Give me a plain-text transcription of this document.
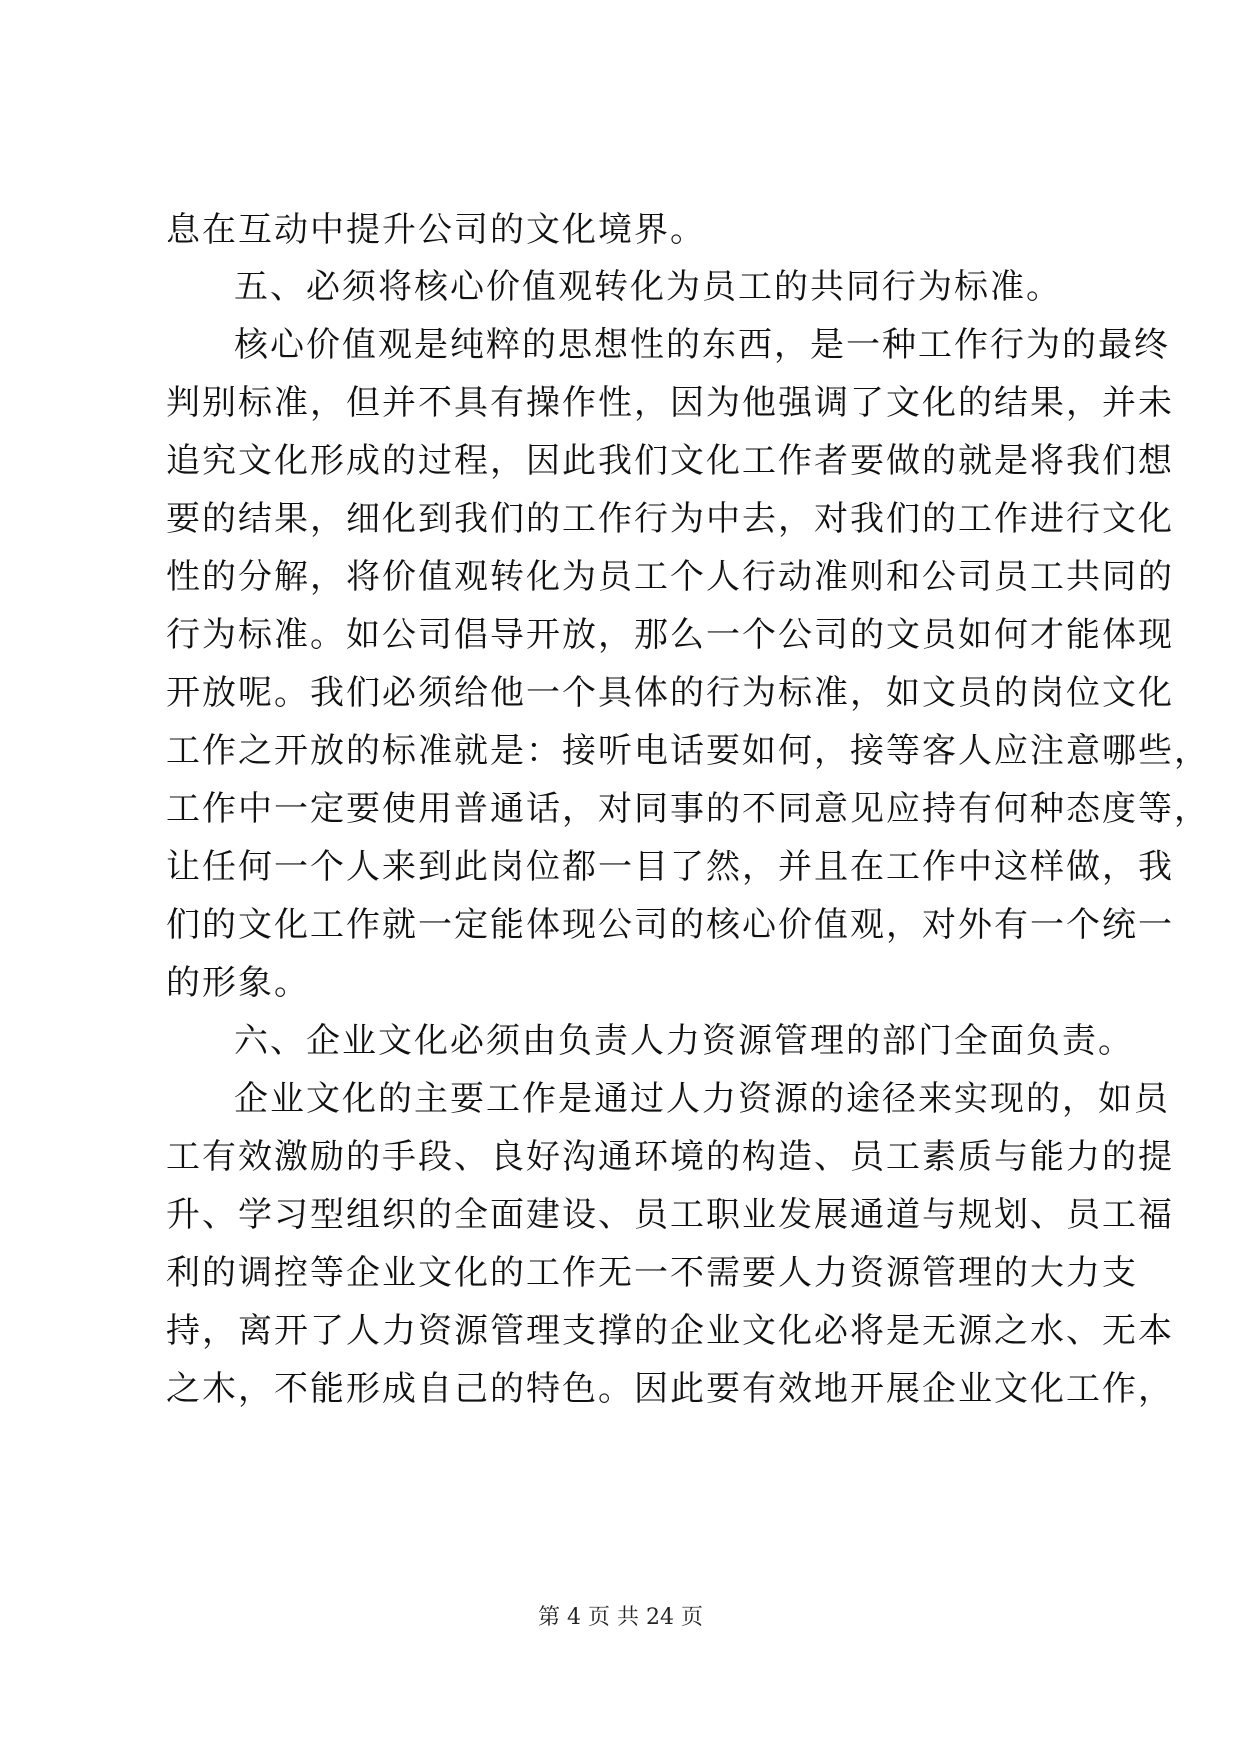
息在互动中提升公司的文化境界。
五、必须将核心价值观转化为员工的共同行为标准。
核心价值观是纯粹的思想性的东西，是一种工作行为的最终
判别标准，但并不具有操作性，因为他强调了文化的结果，并未
追究文化形成的过程，因此我们文化工作者要做的就是将我们想
要的结果，细化到我们的工作行为中去，对我们的工作进行文化
性的分解，将价值观转化为员工个人行动准则和公司员工共同的
行为标准。如公司倡导开放，那么一个公司的文员如何才能体现
开放呢。我们必须给他一个具体的行为标准，如文员的岗位文化
工作之开放的标准就是：接听电话要如何，接等客人应注意哪些，
工作中一定要使用普通话，对同事的不同意见应持有何种态度等，
让任何一个人来到此岗位都一目了然，并且在工作中这样做，我
们的文化工作就一定能体现公司的核心价值观，对外有一个统一
的形象。
六、企业文化必须由负责人力资源管理的部门全面负责。
企业文化的主要工作是通过人力资源的途径来实现的，如员
工有效激励的手段、良好沟通环境的构造、员工素质与能力的提
升、学习型组织的全面建设、员工职业发展通道与规划、员工福
利的调控等企业文化的工作无一不需要人力资源管理的大力支
持，离开了人力资源管理支撑的企业文化必将是无源之水、无本
之木，不能形成自己的特色。因此要有效地开展企业文化工作，
第 4 页 共 24 页
